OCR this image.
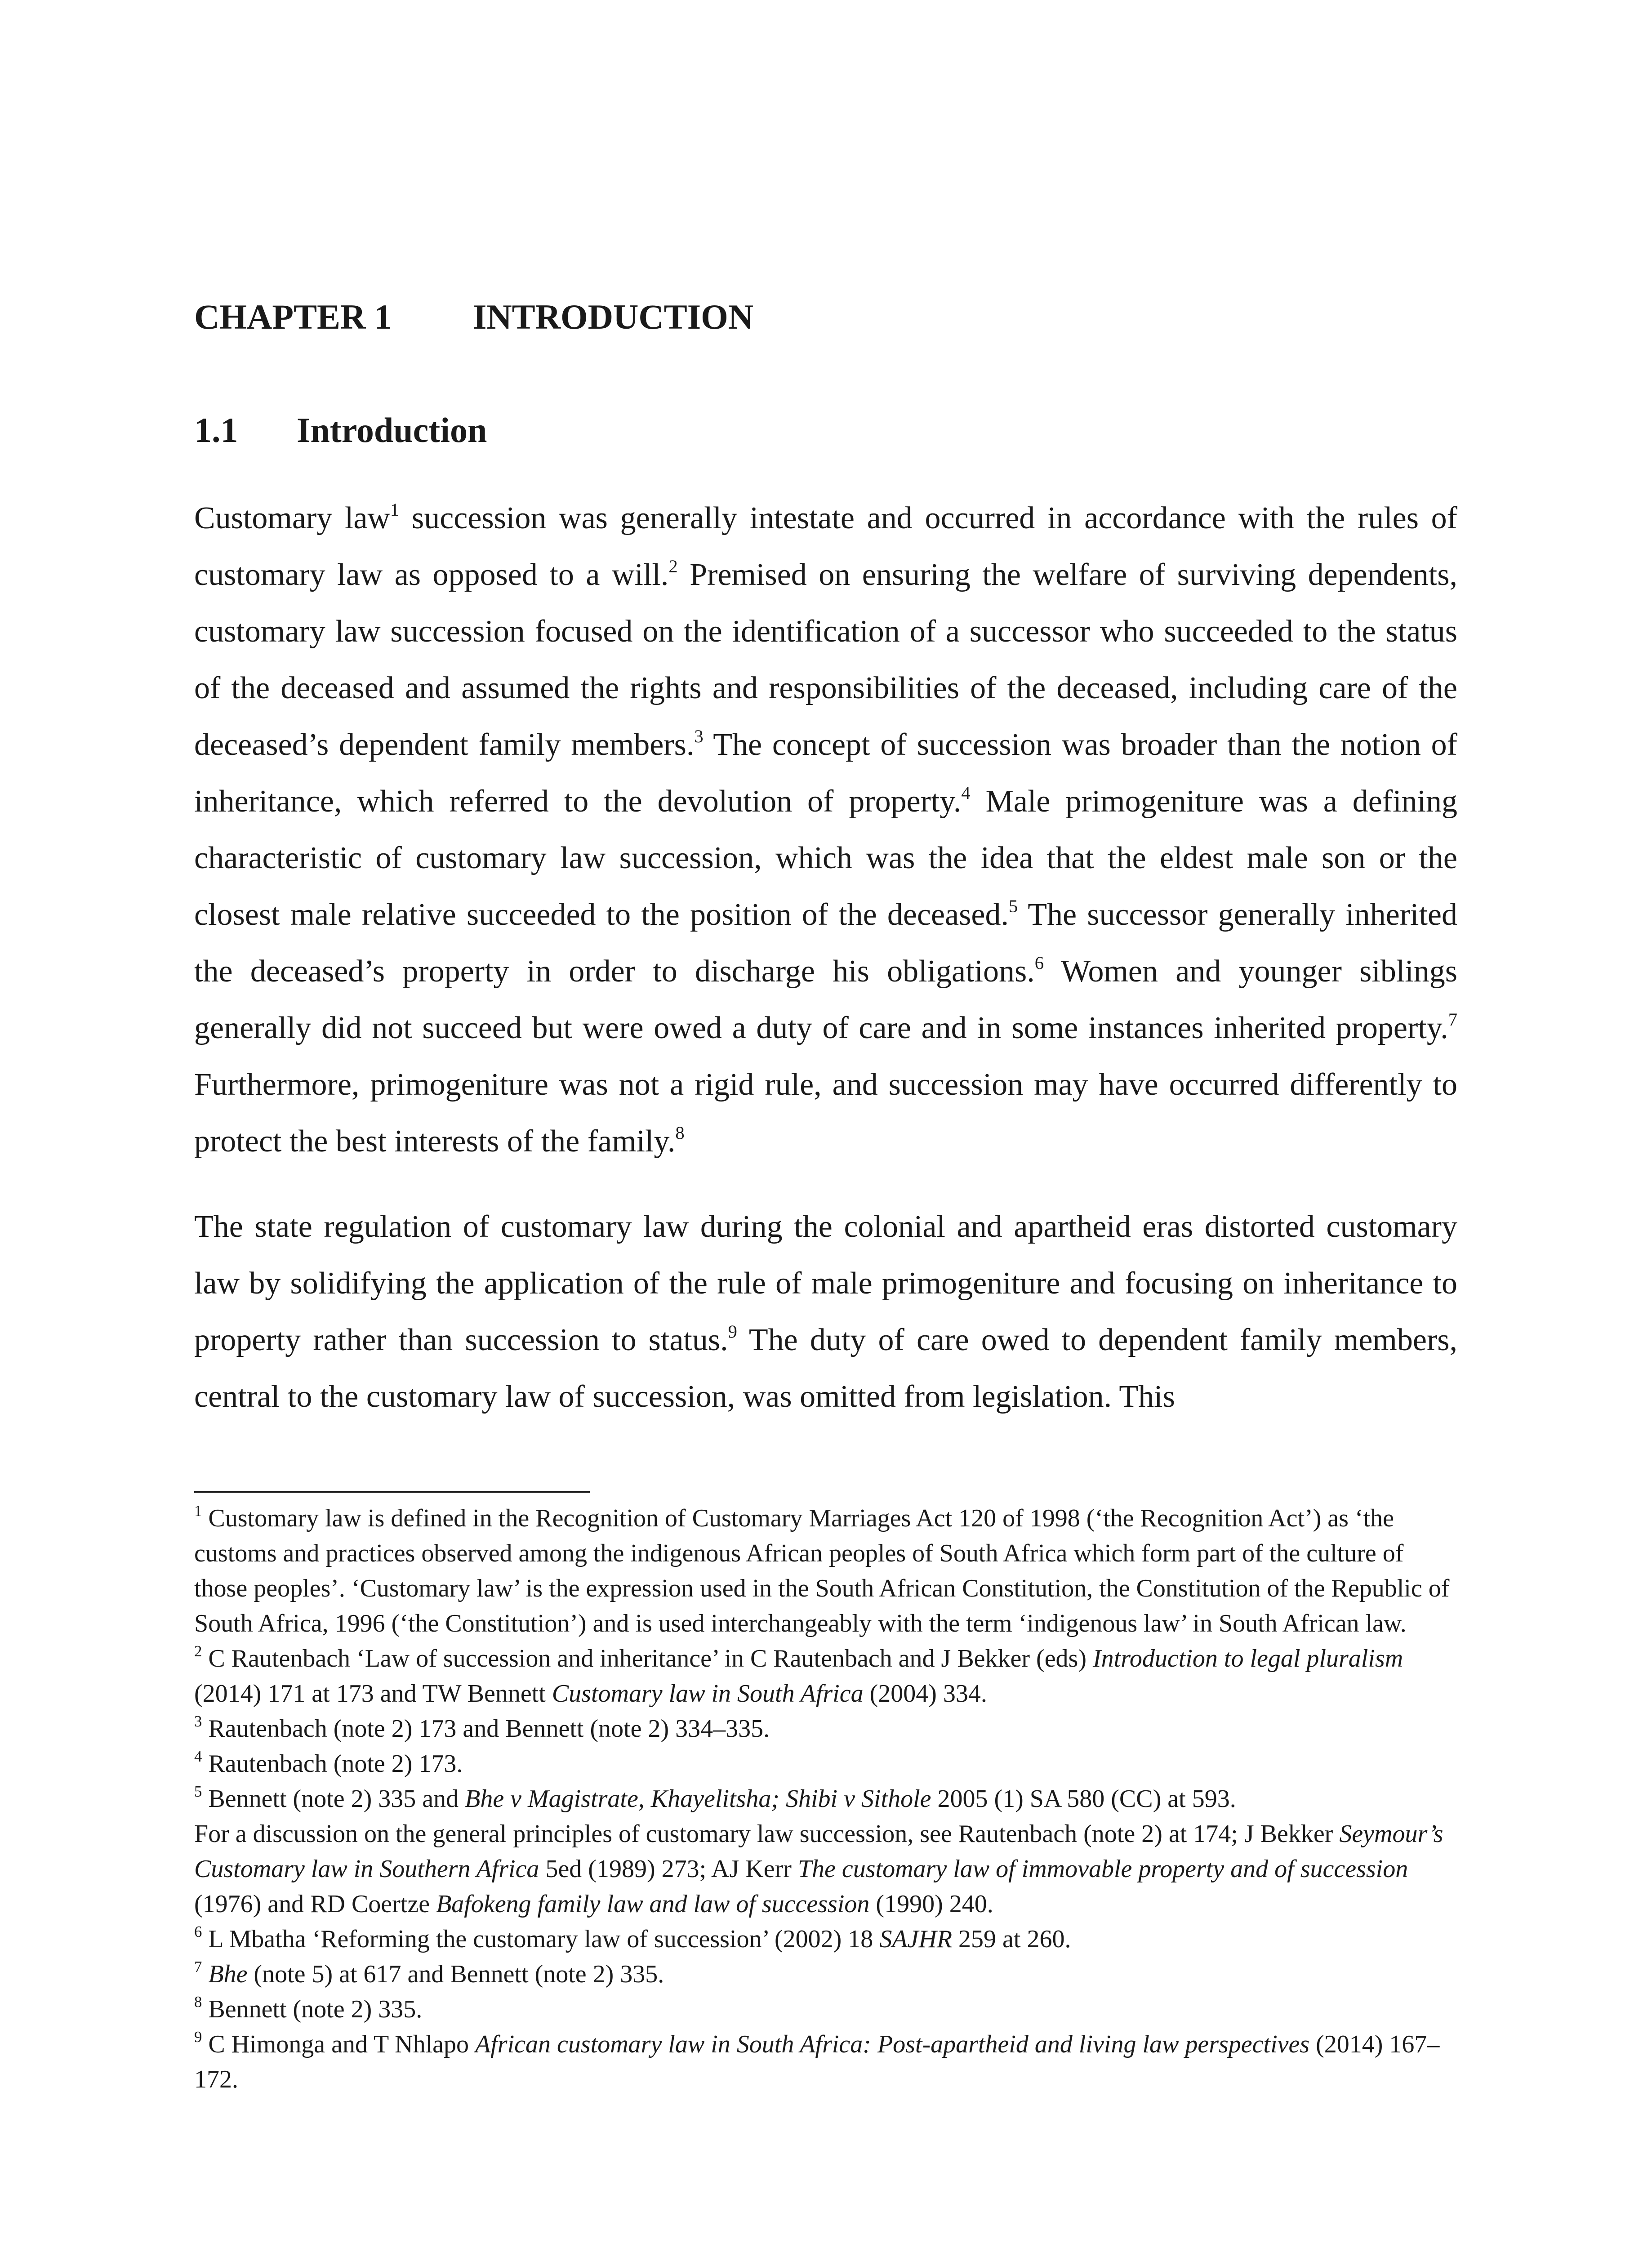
CHAPTER 1 INTRODUCTION
1.1 Introduction

Customary law$^1$ succession was generally intestate and occurred in accordance with the rules of customary law as opposed to a will.$^2$ Premised on ensuring the welfare of surviving dependents, customary law succession focused on the identification of a successor who succeeded to the status of the deceased and assumed the rights and responsibilities of the deceased, including care of the deceased’s dependent family members.$^3$ The concept of succession was broader than the notion of inheritance, which referred to the devolution of property.$^4$ Male primogeniture was a defining characteristic of customary law succession, which was the idea that the eldest male son or the closest male relative succeeded to the position of the deceased.$^5$ The successor generally inherited the deceased’s property in order to discharge his obligations.$^6$ Women and younger siblings generally did not succeed but were owed a duty of care and in some instances inherited property.$^7$ Furthermore, primogeniture was not a rigid rule, and succession may have occurred differently to protect the best interests of the family.$^8$

The state regulation of customary law during the colonial and apartheid eras distorted customary law by solidifying the application of the rule of male primogeniture and focusing on inheritance to property rather than succession to status.$^9$ The duty of care owed to dependent family members, central to the customary law of succession, was omitted from legislation. This

$^1$ Customary law is defined in the Recognition of Customary Marriages Act 120 of 1998 (‘the Recognition Act’) as ‘the customs and practices observed among the indigenous African peoples of South Africa which form part of the culture of those peoples’. ‘Customary law’ is the expression used in the South African Constitution, the Constitution of the Republic of South Africa, 1996 (‘the Constitution’) and is used interchangeably with the term ‘indigenous law’ in South African law.

$^2$ C Rautenbach ‘Law of succession and inheritance’ in C Rautenbach and J Bekker (eds) Introduction to legal pluralism (2014) 171 at 173 and TW Bennett Customary law in South Africa (2004) 334.

$^3$ Rautenbach (note 2) 173 and Bennett (note 2) 334–335.

$^4$ Rautenbach (note 2) 173.

$^5$ Bennett (note 2) 335 and Bhe v Magistrate, Khayelitsha; Shibi v Sithole 2005 (1) SA 580 (CC) at 593.

For a discussion on the general principles of customary law succession, see Rautenbach (note 2) at 174; J Bekker Seymour’s Customary law in Southern Africa 5ed (1989) 273; AJ Kerr The customary law of immovable property and of succession (1976) and RD Coertze Bafokeng family law and law of succession (1990) 240.

$^6$ L Mbatha ‘Reforming the customary law of succession’ (2002) 18 SAJHR 259 at 260.

$^7$ Bhe (note 5) at 617 and Bennett (note 2) 335.

$^8$ Bennett (note 2) 335.

$^9$ C Himonga and T Nhlapo African customary law in South Africa: Post-apartheid and living law perspectives (2014) 167–172.
